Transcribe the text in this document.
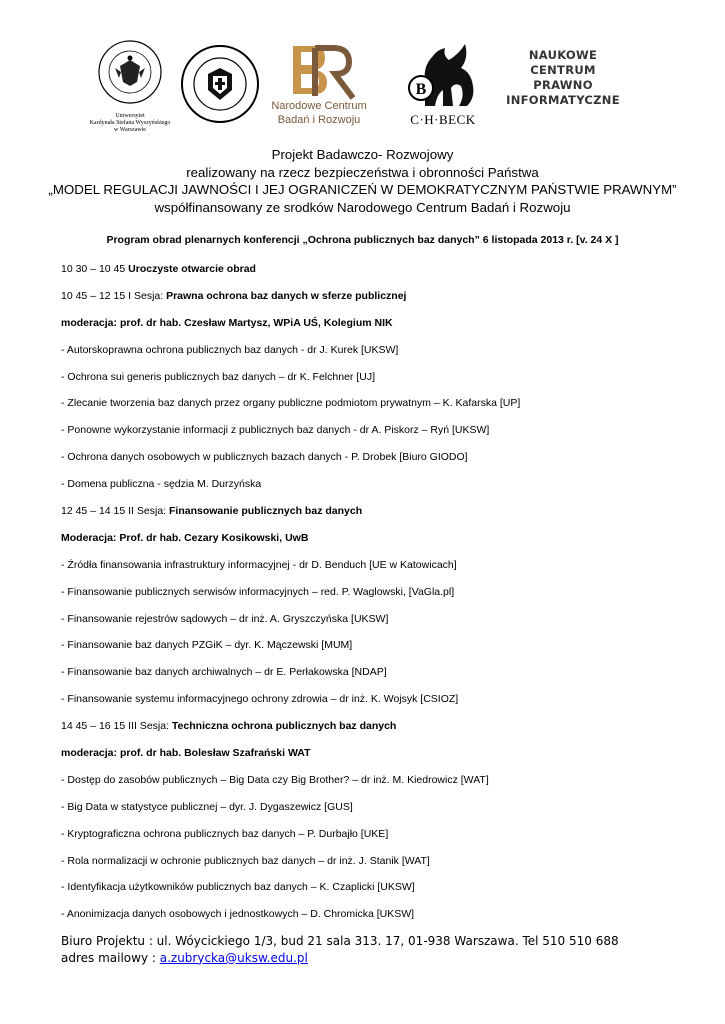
Uniwersytet
Kardynała Stefana Wyszyńskiego
w Warszawie
Narodowe Centrum
Badań i Rozwoju
B
C·H·BECK
NAUKOWE
CENTRUM
PRAWNO
INFORMATYCZNE
Projekt Badawczo- Rozwojowy
realizowany na rzecz bezpieczeństwa i obronności Państwa
„MODEL REGULACJI JAWNOŚCI I JEJ OGRANICZEŃ W DEMOKRATYCZNYM PAŃSTWIE PRAWNYM”
współfinansowany ze srodków Narodowego Centrum Badań i Rozwoju
Program obrad plenarnych konferencji „Ochrona publicznych baz danych” 6 listopada 2013 r. [v. 24 X ]
10 30 – 10 45 Uroczyste otwarcie obrad
10 45 – 12 15 I Sesja: Prawna ochrona baz danych w sferze publicznej
moderacja: prof. dr hab. Czesław Martysz, WPiA UŚ, Kolegium NIK
- Autorskoprawna ochrona publicznych baz danych - dr J. Kurek [UKSW]
- Ochrona sui generis publicznych baz danych – dr K. Felchner [UJ]
- Zlecanie tworzenia baz danych przez organy publiczne podmiotom prywatnym – K. Kafarska [UP]
- Ponowne wykorzystanie informacji z publicznych baz danych - dr A. Piskorz – Ryń [UKSW]
- Ochrona danych osobowych w publicznych bazach danych - P. Drobek [Biuro GIODO]
- Domena publiczna - sędzia M. Durzyńska
12 45 – 14 15 II Sesja: Finansowanie publicznych baz danych
Moderacja: Prof. dr hab. Cezary Kosikowski, UwB
- Źródła finansowania infrastruktury informacyjnej - dr D. Benduch [UE w Katowicach]
- Finansowanie publicznych serwisów informacyjnych – red. P. Waglowski, [VaGla.pl]
- Finansowanie rejestrów sądowych – dr inż. A. Gryszczyńska [UKSW]
- Finansowanie baz danych PZGiK – dyr. K. Mączewski [MUM]
- Finansowanie baz danych archiwalnych – dr E. Perłakowska [NDAP]
- Finansowanie systemu informacyjnego ochrony zdrowia – dr inż. K. Wojsyk [CSIOZ]
14 45 – 16 15 III Sesja: Techniczna ochrona publicznych baz danych
moderacja: prof. dr hab. Bolesław Szafrański WAT
- Dostęp do zasobów publicznych – Big Data czy Big Brother? – dr inż. M. Kiedrowicz [WAT]
- Big Data w statystyce publicznej – dyr. J. Dygaszewicz [GUS]
- Kryptograficzna ochrona publicznych baz danych – P. Durbajło [UKE]
- Rola normalizacji w ochronie publicznych baz danych – dr inż. J. Stanik [WAT]
- Identyfikacja użytkowników publicznych baz danych – K. Czaplicki [UKSW]
- Anonimizacja danych osobowych i jednostkowych – D. Chromicka [UKSW]
Biuro Projektu : ul. Wóycickiego 1/3, bud 21 sala 313. 17, 01-938 Warszawa. Tel 510 510 688
adres mailowy : a.zubrycka@uksw.edu.pl
